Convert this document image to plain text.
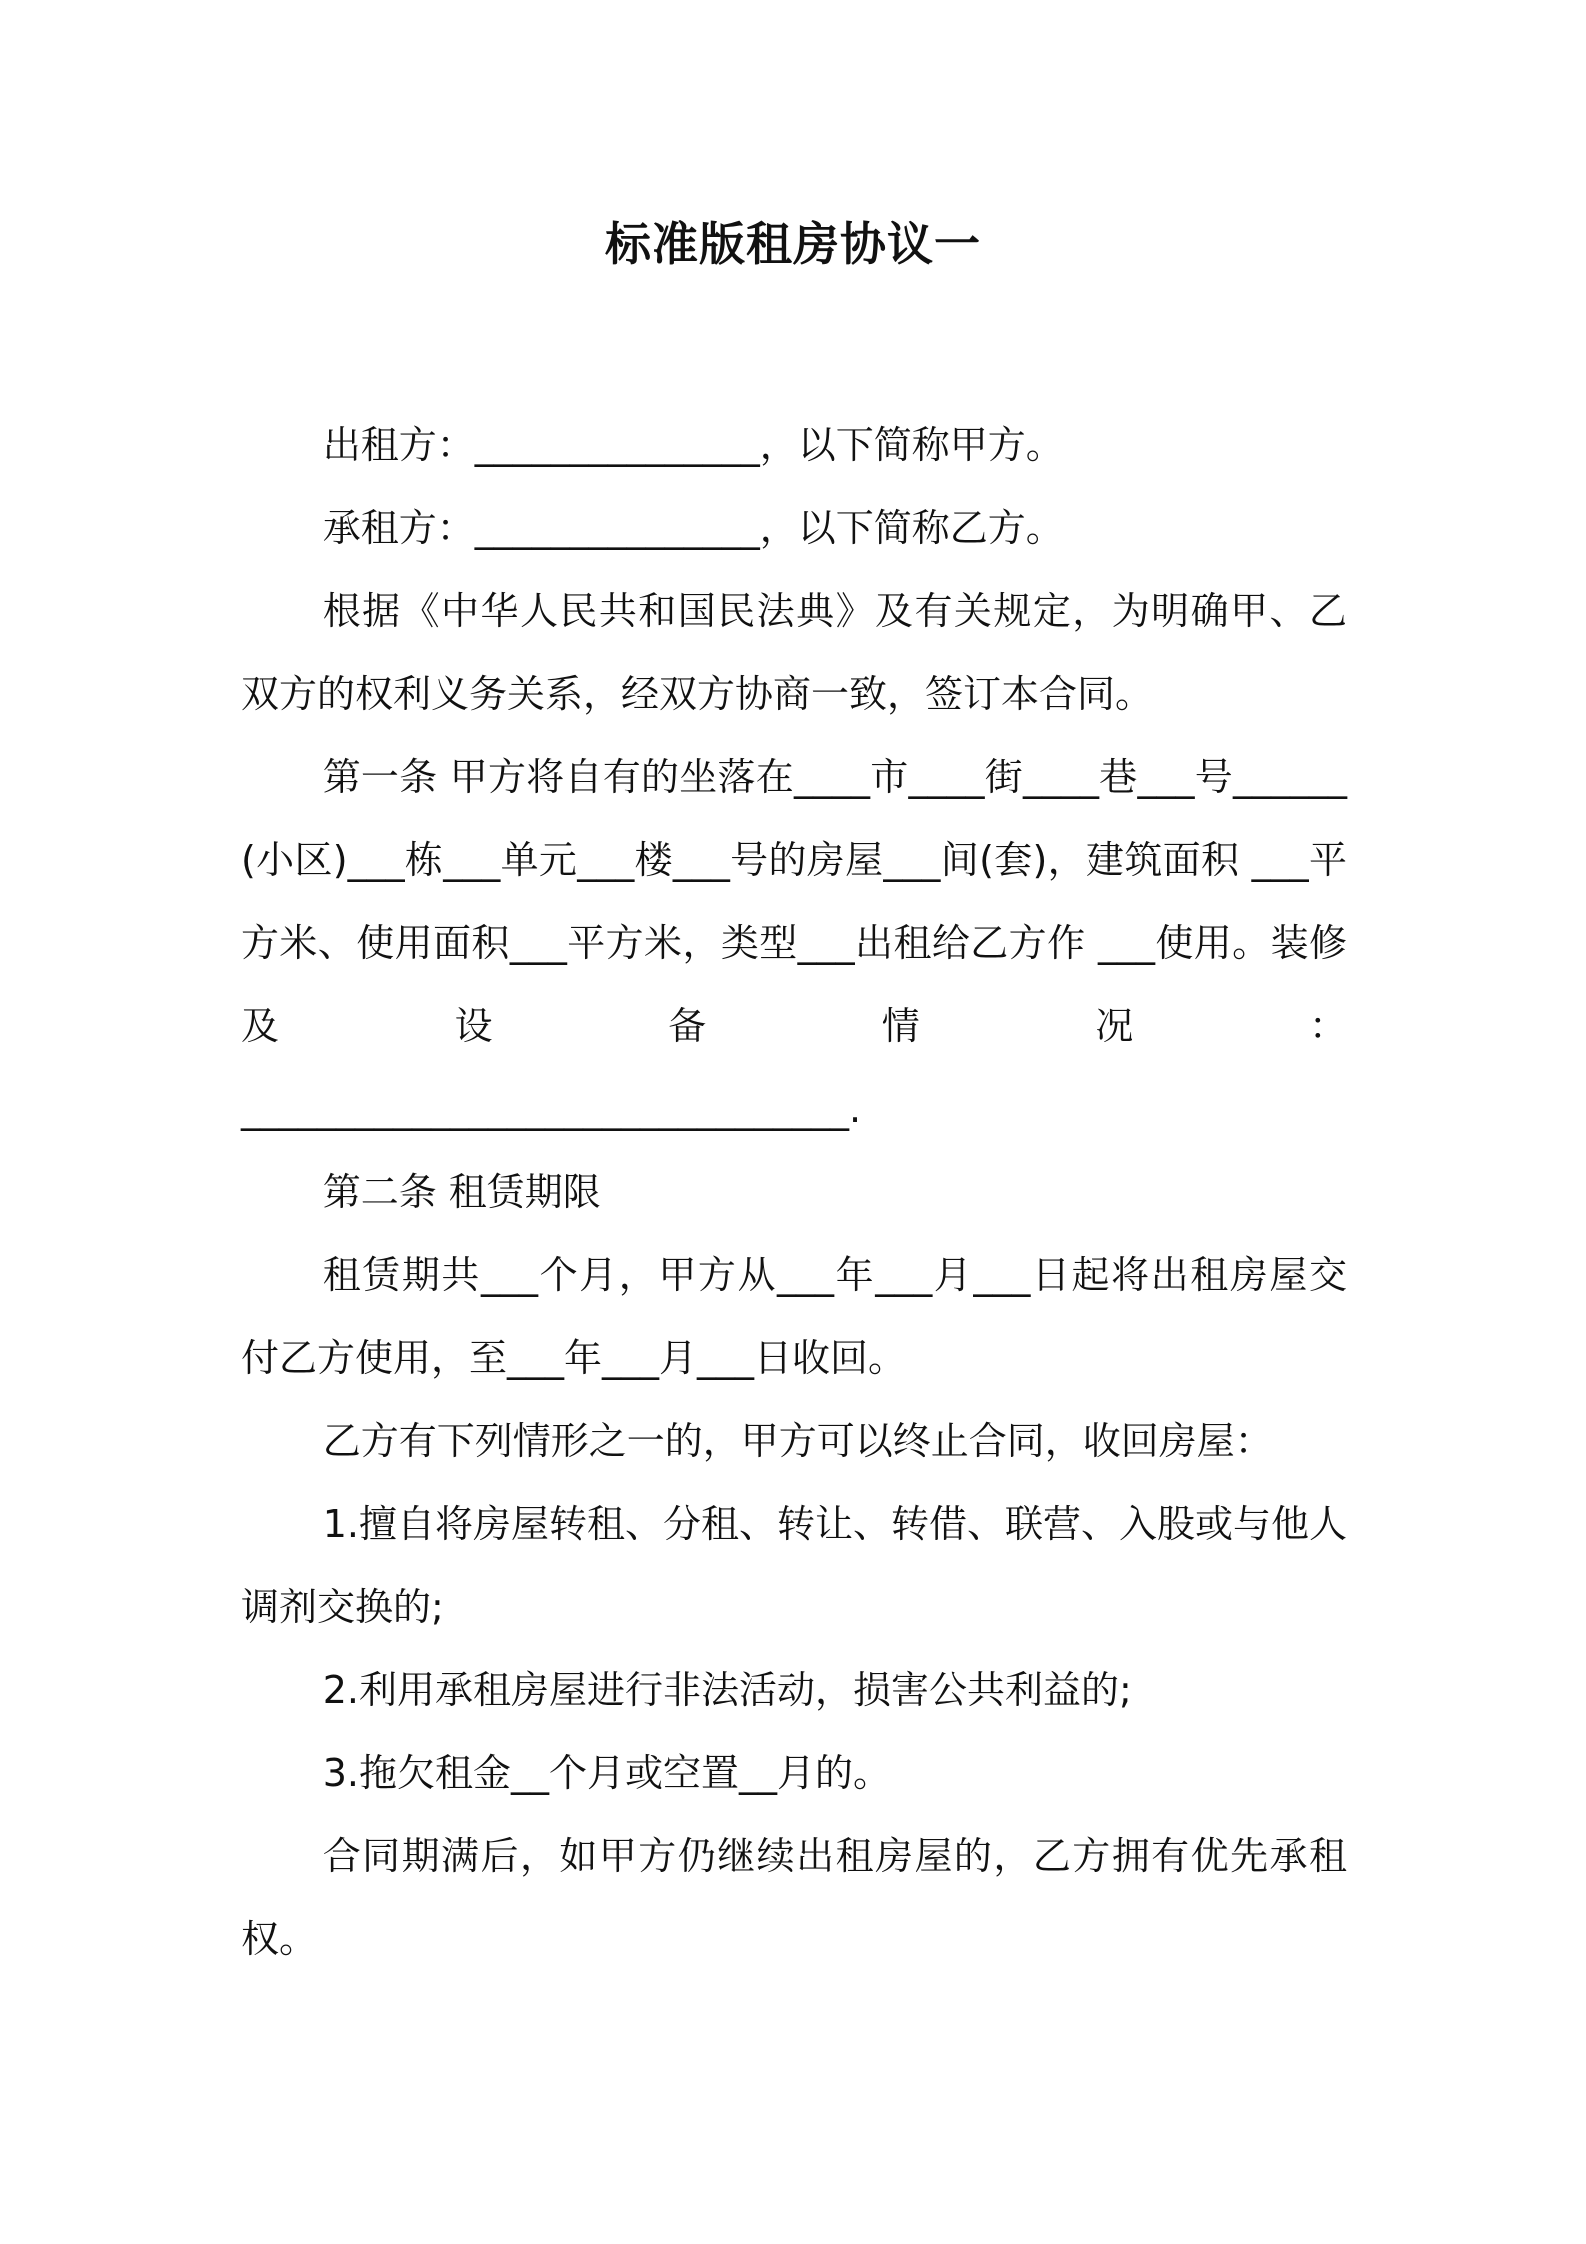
标准版租房协议一

出租方：_______________，以下简称甲方。

承租方：_______________，以下简称乙方。

根据《中华人民共和国民法典》及有关规定，为明确甲、乙双方的权利义务关系，经双方协商一致，签订本合同。

第一条 甲方将自有的坐落在____市____街____巷___号______(小区)___栋___单元___楼___号的房屋___间(套)，建筑面积 ___平方米、使用面积___平方米，类型___出租给乙方作 ___使用。装修及设备情况：

________________________________.

第二条 租赁期限

租赁期共___个月，甲方从___年___月___日起将出租房屋交付乙方使用，至___年___月___日收回。

乙方有下列情形之一的，甲方可以终止合同，收回房屋：

1.擅自将房屋转租、分租、转让、转借、联营、入股或与他人调剂交换的;

2.利用承租房屋进行非法活动，损害公共利益的;

3.拖欠租金__个月或空置__月的。

合同期满后，如甲方仍继续出租房屋的，乙方拥有优先承租权。
